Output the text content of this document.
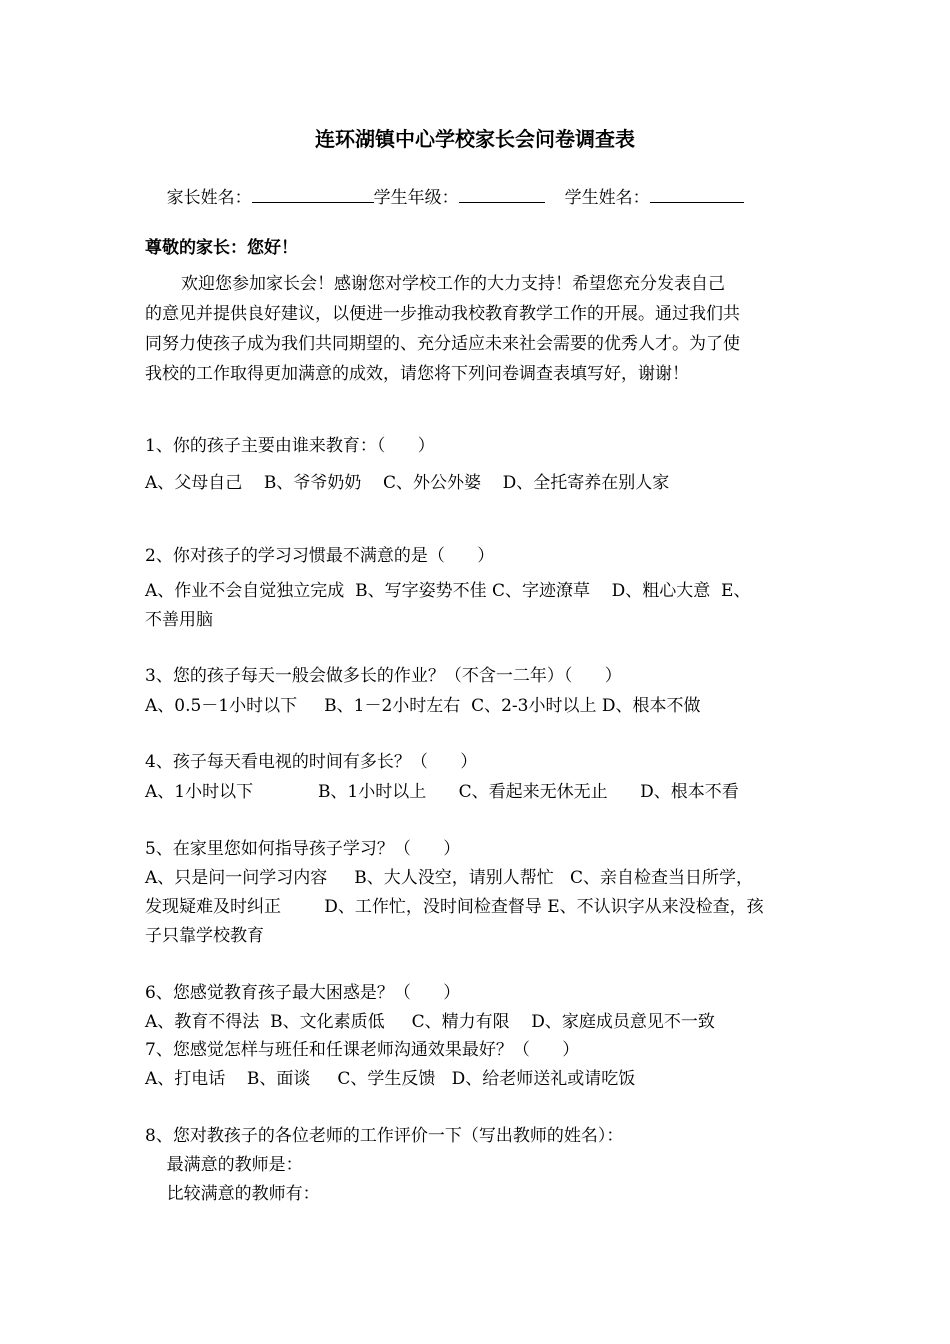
连环湖镇中心学校家长会问卷调查表

家长姓名：	学生年级：	学生姓名：

尊敬的家长：您好！
欢迎您参加家长会！感谢您对学校工作的大力支持！希望您充分发表自己
的意见并提供良好建议，以便进一步推动我校教育教学工作的开展。通过我们共
同努力使孩子成为我们共同期望的、充分适应未来社会需要的优秀人才。为了使
我校的工作取得更加满意的成效，请您将下列问卷调查表填写好，谢谢！
1、你的孩子主要由谁来教育：（      ）
A、父母自己    B、爷爷奶奶    C、外公外婆    D、全托寄养在别人家
2、你对孩子的学习习惯最不满意的是（      ）
A、作业不会自觉独立完成  B、写字姿势不佳 C、字迹潦草    D、粗心大意  E、
不善用脑
3、您的孩子每天一般会做多长的作业？（不含一二年）（      ）
A、0.5－1小时以下     B、1－2小时左右  C、2-3小时以上 D、根本不做
4、孩子每天看电视的时间有多长？（      ）
A、1小时以下            B、1小时以上      C、看起来无休无止      D、根本不看
5、在家里您如何指导孩子学习？（      ）
A、只是问一问学习内容     B、大人没空，请别人帮忙   C、亲自检查当日所学，
发现疑难及时纠正        D、工作忙，没时间检查督导 E、不认识字从来没检查，孩
子只靠学校教育
6、您感觉教育孩子最大困惑是？（      ）
A、教育不得法  B、文化素质低     C、精力有限    D、家庭成员意见不一致
7、您感觉怎样与班任和任课老师沟通效果最好？（      ）
A、打电话    B、面谈     C、学生反馈   D、给老师送礼或请吃饭
8、您对教孩子的各位老师的工作评价一下（写出教师的姓名）：
最满意的教师是：
比较满意的教师有：
